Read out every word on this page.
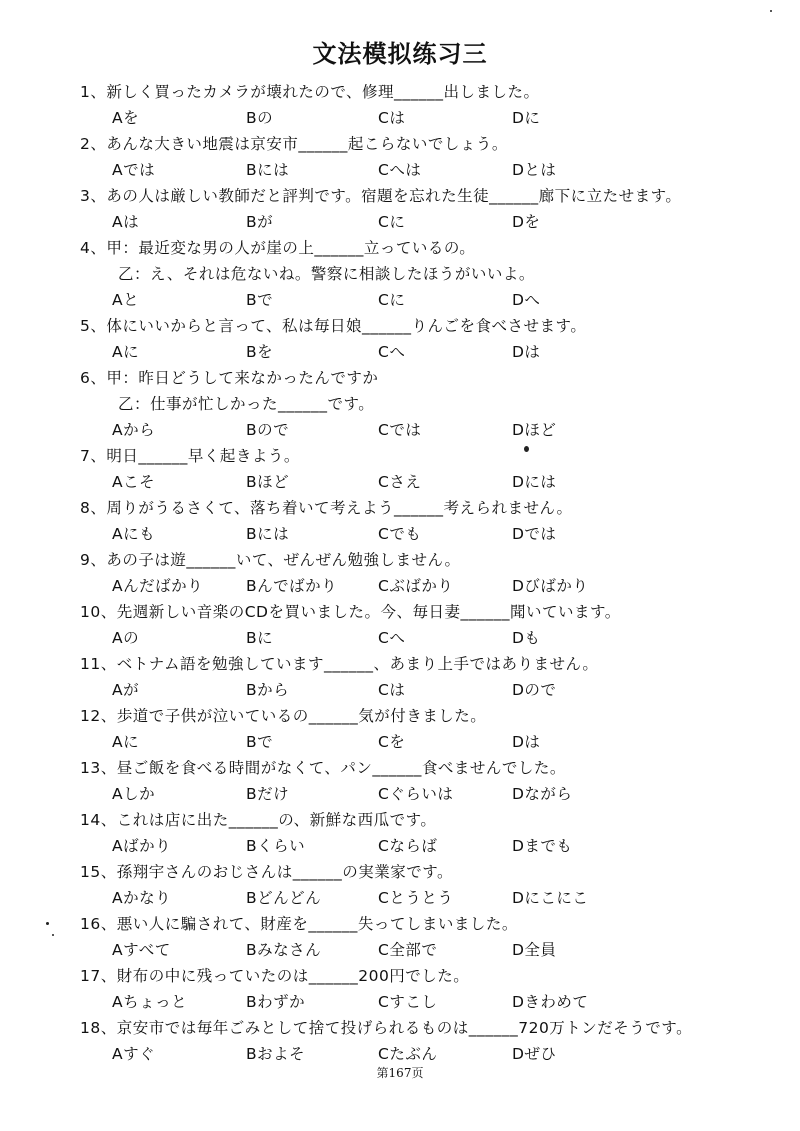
文法模拟练习三
1、新しく買ったカメラが壊れたので、修理______出しました。
Aを	Bの	Cは	Dに
2、あんな大きい地震は京安市______起こらないでしょう。
Aでは	Bには	Cへは	Dとは
3、あの人は厳しい教師だと評判です。宿題を忘れた生徒______廊下に立たせます。
Aは	Bが	Cに	Dを
4、甲：最近変な男の人が崖の上______立っているの。
乙：え、それは危ないね。警察に相談したほうがいいよ。
Aと	Bで	Cに	Dへ
5、体にいいからと言って、私は毎日娘______りんごを食べさせます。
Aに	Bを	Cへ	Dは
6、甲：昨日どうして来なかったんですか
乙：仕事が忙しかった______です。
Aから	Bので	Cでは	Dほど
7、明日______早く起きよう。
Aこそ	Bほど	Cさえ	Dには
8、周りがうるさくて、落ち着いて考えよう______考えられません。
Aにも	Bには	Cでも	Dでは
9、あの子は遊______いて、ぜんぜん勉強しません。
Aんだばかり	Bんでばかり	Cぶばかり	Dびばかり
10、先週新しい音楽のCDを買いました。今、毎日妻______聞いています。
Aの	Bに	Cへ	Dも
11、ベトナム語を勉強しています______、あまり上手ではありません。
Aが	Bから	Cは	Dので
12、歩道で子供が泣いているの______気が付きました。
Aに	Bで	Cを	Dは
13、昼ご飯を食べる時間がなくて、パン______食べませんでした。
Aしか	Bだけ	Cぐらいは	Dながら
14、これは店に出た______の、新鮮な西瓜です。
Aばかり	Bくらい	Cならば	Dまでも
15、孫翔宇さんのおじさんは______の実業家です。
Aかなり	Bどんどん	Cとうとう	Dにこにこ
16、悪い人に騙されて、財産を______失ってしまいました。
Aすべて	Bみなさん	C全部で	D全員
17、財布の中に残っていたのは______200円でした。
Aちょっと	Bわずか	Cすこし	Dきわめて
18、京安市では毎年ごみとして捨て投げられるものは______720万トンだそうです。
Aすぐ	Bおよそ	Cたぶん	Dぜひ
第167页
